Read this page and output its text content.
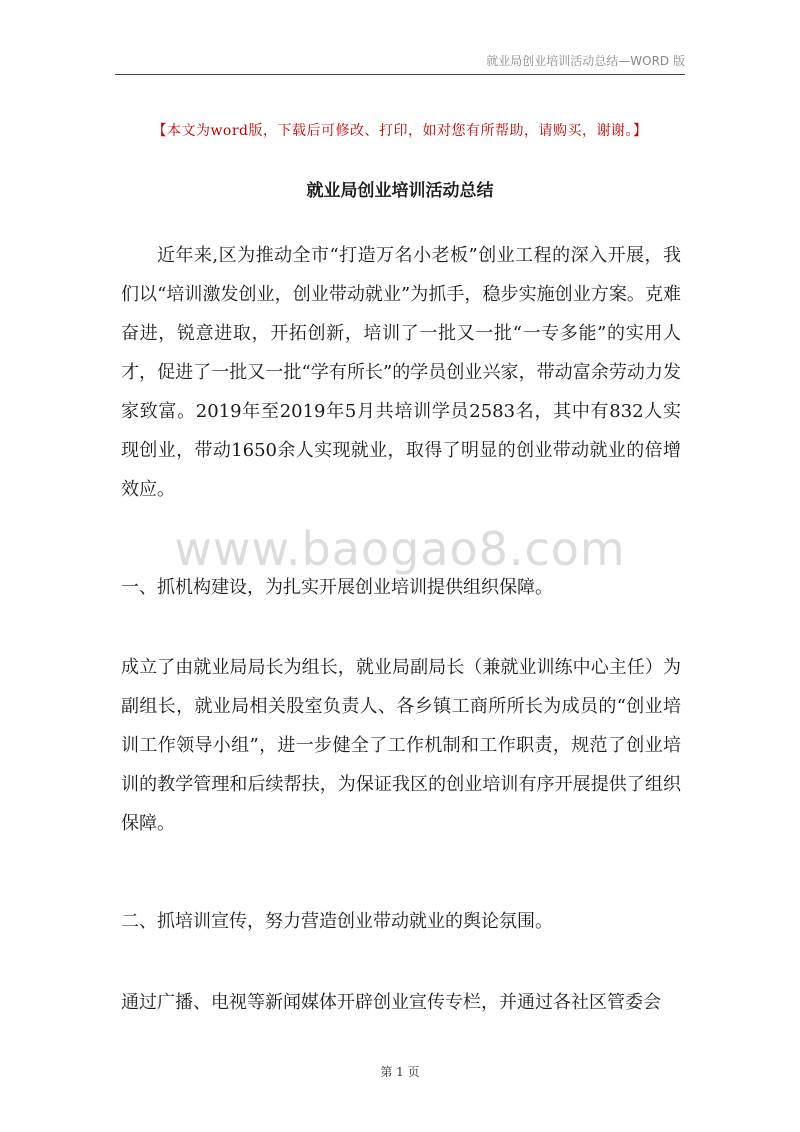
就业局创业培训活动总结—WORD 版
【本文为word版，下载后可修改、打印，如对您有所帮助，请购买，谢谢。】
就业局创业培训活动总结
近年来,区为推动全市“打造万名小老板”创业工程的深入开展，我们以“培训激发创业，创业带动就业”为抓手，稳步实施创业方案。克难奋进，锐意进取，开拓创新，培训了一批又一批“一专多能”的实用人才，促进了一批又一批“学有所长”的学员创业兴家，带动富余劳动力发家致富。2019年至2019年5月共培训学员2583名，其中有832人实现创业，带动1650余人实现就业，取得了明显的创业带动就业的倍增效应。
www.baogao8.com
一、抓机构建设，为扎实开展创业培训提供组织保障。
成立了由就业局局长为组长，就业局副局长（兼就业训练中心主任）为副组长，就业局相关股室负责人、各乡镇工商所所长为成员的“创业培训工作领导小组”，进一步健全了工作机制和工作职责，规范了创业培训的教学管理和后续帮扶，为保证我区的创业培训有序开展提供了组织保障。
二、抓培训宣传，努力营造创业带动就业的舆论氛围。
通过广播、电视等新闻媒体开辟创业宣传专栏，并通过各社区管委会
第 1 页
